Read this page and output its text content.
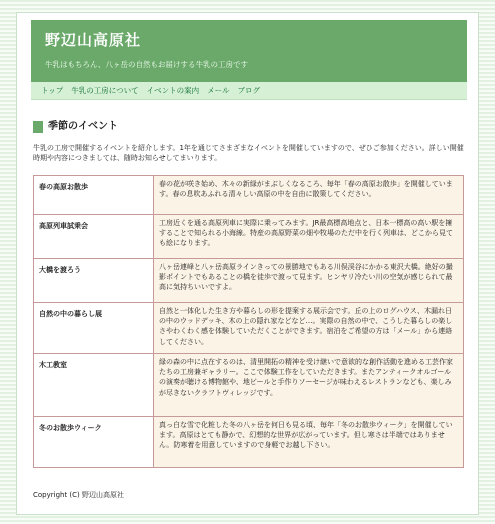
野辺山高原社

牛乳はもちろん、八ヶ岳の自然もお届けする牛乳の工房です

トップ 牛乳の工房について イベントの案内 メール ブログ
季節のイベント

牛乳の工房で開催するイベントを紹介します。1年を通じてさまざまなイベントを開催していますので、ぜひご参加ください。詳しい開催時期や内容につきましては、随時お知らせしてまいります。

春の高原お散歩	春の花が咲き始め、木々の新緑がまぶしくなるころ、毎年「春の高原お散歩」を開催しています。春の息吹あふれる清々しい高原の中を自由に散策してください。
高原列車試乗会	工房近くを通る高原列車に実際に乗ってみます。JR最高標高地点と、日本一標高の高い駅を擁することで知られる小海線。特産の高原野菜の畑や牧場のただ中を行く列車は、どこから見ても絵になります。
大橋を渡ろう	八ヶ岳連峰と八ヶ岳高原ラインきっての景勝地でもある川俣渓谷にかかる東沢大橋。絶好の撮影ポイントでもあることの橋を徒歩で渡って見ます。ヒンヤリ冷たい川の空気が感じられて最高に気持ちいいですよ。
自然の中の暮らし展	自然と一体化した生き方や暮らしの形を提案する展示会です。丘の上のログハウス、木漏れ日の中のウッドデッキ、木の上の隠れ家などなど…。実際の自然の中で、こうした暮らしの楽しさやわくわく感を体験していただくことができます。宿泊をご希望の方は「メール」から連絡してください。
木工教室	緑の森の中に点在するのは、清里開拓の精神を受け継いで意欲的な創作活動を進める工芸作家たちの工房兼ギャラリー。ここで体験工作をしていただきます。またアンティークオルゴールの演奏が聴ける博物館や、地ビールと手作りソーセージが味わえるレストランなども、楽しみが尽きないクラフトヴィレッジです。
冬のお散歩ウィーク	真っ白な雪で化粧した冬の八ヶ岳を何日も見る頃、毎年「冬のお散歩ウィーク」を開催しています。高原はとても静かで、幻想的な世界が広がっています。但し寒さは半端ではありません。防寒着を用意していますので身軽でお越し下さい。

Copyright (C) 野辺山高原社
